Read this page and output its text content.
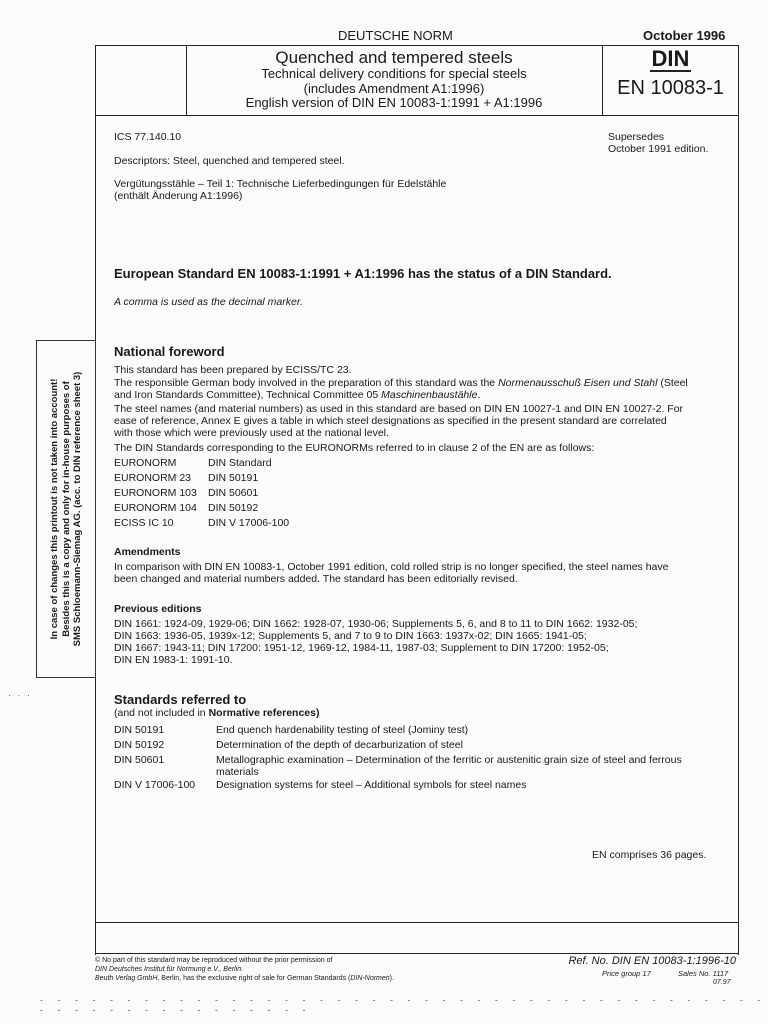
DEUTSCHE NORM	October 1996
Quenched and tempered steels
Technical delivery conditions for special steels
(includes Amendment A1:1996)
English version of DIN EN 10083-1:1991 + A1:1996
DIN
EN 10083-1
ICS 77.140.10	Supersedes
October 1991 edition.
Descriptors: Steel, quenched and tempered steel.
Vergütungsstähle – Teil 1: Technische Lieferbedingungen für Edelstähle
(enthält Änderung A1:1996)
European Standard EN 10083-1:1991 + A1:1996 has the status of a DIN Standard.
A comma is used as the decimal marker.
In case of changes this printout is not taken into account! Besides this is a copy and only for in-house purposes of SMS Schloemann-Siemag AG. (acc. to DIN reference sheet 3)
National foreword
This standard has been prepared by ECISS/TC 23.
The responsible German body involved in the preparation of this standard was the Normenausschuß Eisen und Stahl (Steel
and Iron Standards Committee), Technical Committee 05 Maschinenbaustähle.
The steel names (and material numbers) as used in this standard are based on DIN EN 10027-1 and DIN EN 10027-2. For
ease of reference, Annex E gives a table in which steel designations as specified in the present standard are correlated
with those which were previously used at the national level.
The DIN Standards corresponding to the EURONORMs referred to in clause 2 of the EN are as follows:
EURONORM	DIN Standard
EURONORM 23 DIN 50191
EURONORM 103 DIN 50601
EURONORM 104 DIN 50192
ECISS IC 10	DIN V 17006-100
Amendments
In comparison with DIN EN 10083-1, October 1991 edition, cold rolled strip is no longer specified, the steel names have
been changed and material numbers added. The standard has been editorially revised.
Previous editions
DIN 1661: 1924-09, 1929-06; DIN 1662: 1928-07, 1930-06; Supplements 5, 6, and 8 to 11 to DIN 1662: 1932-05;
DIN 1663: 1936-05, 1939x-12; Supplements 5, and 7 to 9 to DIN 1663: 1937x-02; DIN 1665: 1941-05;
DIN 1667: 1943-11; DIN 17200: 1951-12, 1969-12, 1984-11, 1987-03; Supplement to DIN 17200: 1952-05;
DIN EN 1983-1: 1991-10.
Standards referred to
(and not included in Normative references)
DIN 50191	End quench hardenability testing of steel (Jominy test)
DIN 50192	Determination of the depth of decarburization of steel
DIN 50601	Metallographic examination – Determination of the ferritic or austenitic grain size of steel and ferrous
materials
DIN V 17006-100 Designation systems for steel – Additional symbols for steel names
EN comprises 36 pages.
© No part of this standard may be reproduced without the prior permission of
DIN Deutsches Institut für Normung e.V., Berlin.
Beuth Verlag GmbH, Berlin, has the exclusive right of sale for German Standards (DIN-Normen).
Ref. No. DIN EN 10083-1:1996-10
Price group 17	Sales No. 1117
07.97
· · ·
- - - - - - - - - - - - - - - - - - - - - - - - - - - - - - - - - - - - - - - - - - - - - - - - - - - - - - - - - -
